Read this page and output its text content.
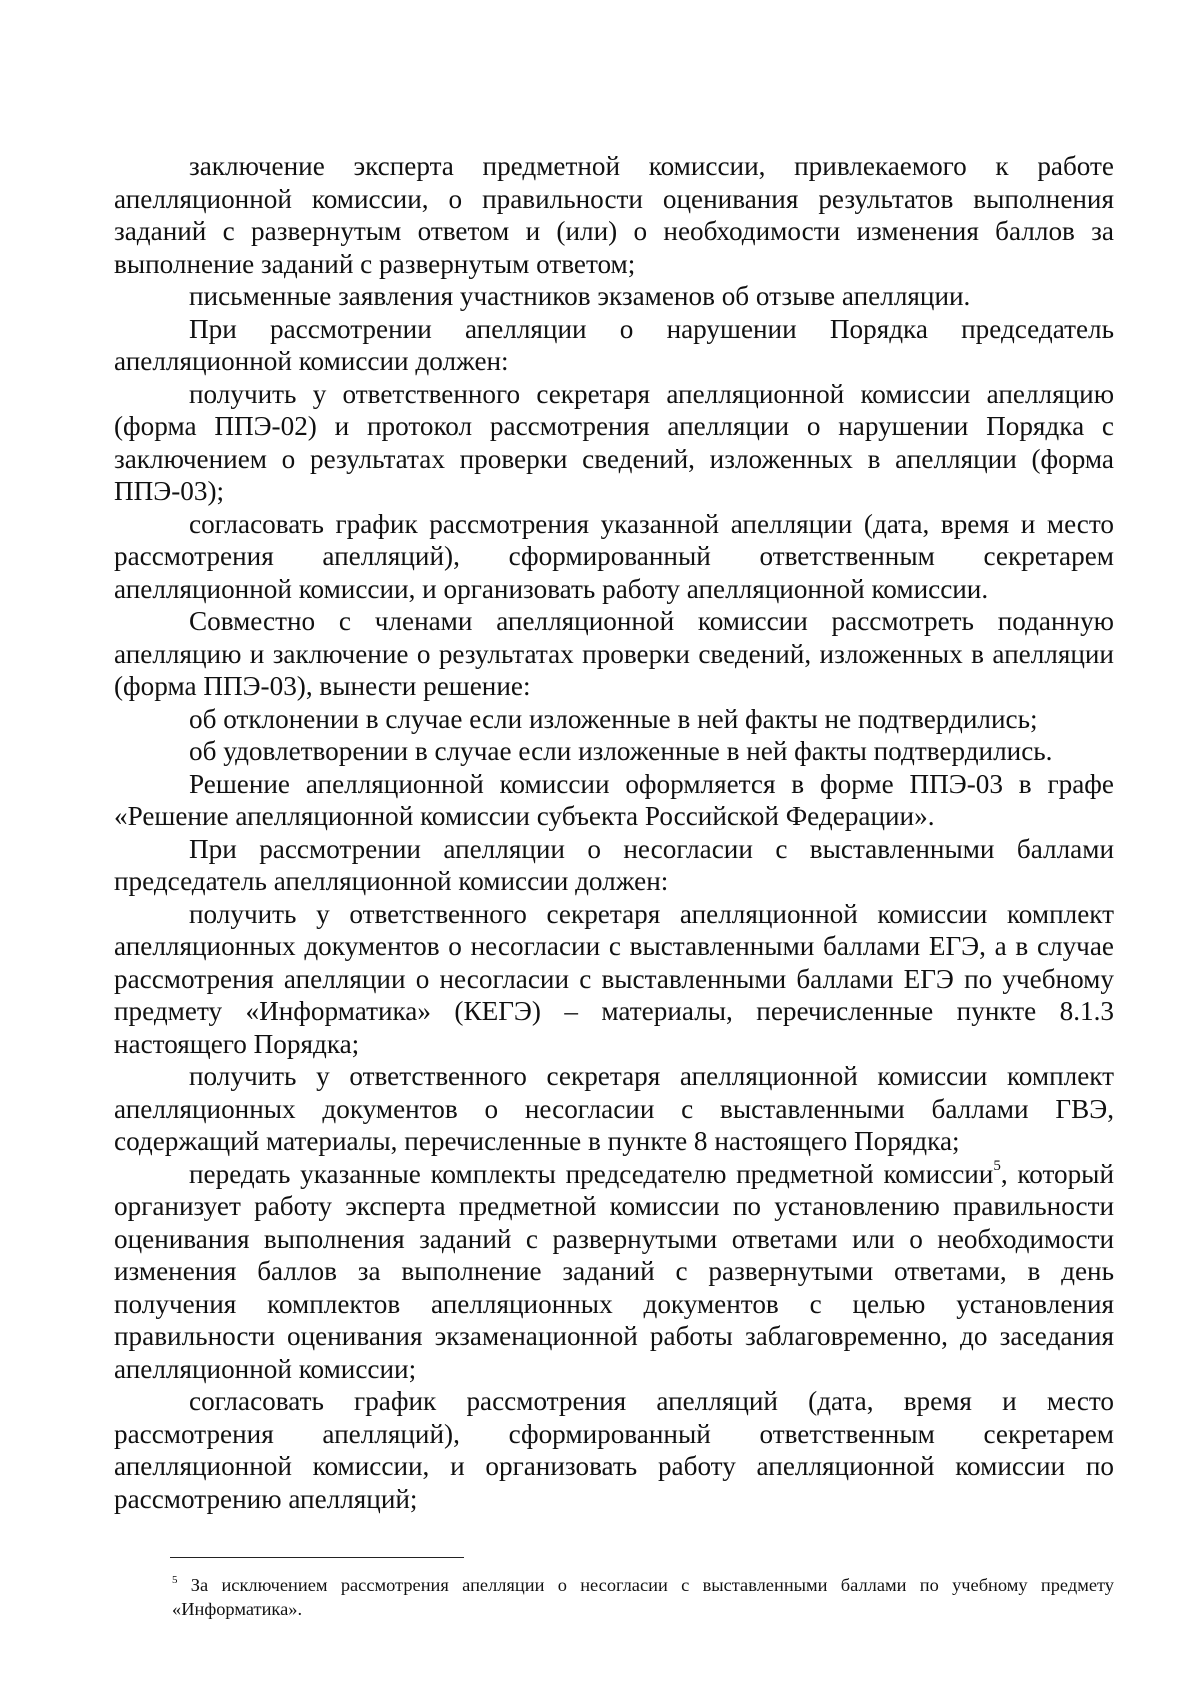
заключение эксперта предметной комиссии, привлекаемого к работе апелляционной комиссии, о правильности оценивания результатов выполнения заданий с развернутым ответом и (или) о необходимости изменения баллов за выполнение заданий с развернутым ответом;

письменные заявления участников экзаменов об отзыве апелляции.

При рассмотрении апелляции о нарушении Порядка председатель апелляционной комиссии должен:

получить у ответственного секретаря апелляционной комиссии апелляцию (форма ППЭ-02) и протокол рассмотрения апелляции о нарушении Порядка с заключением о результатах проверки сведений, изложенных в апелляции (форма ППЭ-03);

согласовать график рассмотрения указанной апелляции (дата, время и место рассмотрения апелляций), сформированный ответственным секретарем апелляционной комиссии, и организовать работу апелляционной комиссии.

Совместно с членами апелляционной комиссии рассмотреть поданную апелляцию и заключение о результатах проверки сведений, изложенных в апелляции (форма ППЭ-03), вынести решение:

об отклонении в случае если изложенные в ней факты не подтвердились;

об удовлетворении в случае если изложенные в ней факты подтвердились.

Решение апелляционной комиссии оформляется в форме ППЭ-03 в графе «Решение апелляционной комиссии субъекта Российской Федерации».

При рассмотрении апелляции о несогласии с выставленными баллами председатель апелляционной комиссии должен:

получить у ответственного секретаря апелляционной комиссии комплект апелляционных документов о несогласии с выставленными баллами ЕГЭ, а в случае рассмотрения апелляции о несогласии с выставленными баллами ЕГЭ по учебному предмету «Информатика» (КЕГЭ) – материалы, перечисленные пункте 8.1.3 настоящего Порядка;

получить у ответственного секретаря апелляционной комиссии комплект апелляционных документов о несогласии с выставленными баллами ГВЭ, содержащий материалы, перечисленные в пункте 8 настоящего Порядка;

передать указанные комплекты председателю предметной комиссии$^5$, который организует работу эксперта предметной комиссии по установлению правильности оценивания выполнения заданий с развернутыми ответами или о необходимости изменения баллов за выполнение заданий с развернутыми ответами, в день получения комплектов апелляционных документов с целью установления правильности оценивания экзаменационной работы заблаговременно, до заседания апелляционной комиссии;

согласовать график рассмотрения апелляций (дата, время и место рассмотрения апелляций), сформированный ответственным секретарем апелляционной комиссии, и организовать работу апелляционной комиссии по рассмотрению апелляций;

$^5$ За исключением рассмотрения апелляции о несогласии с выставленными баллами по учебному предмету «Информатика».
